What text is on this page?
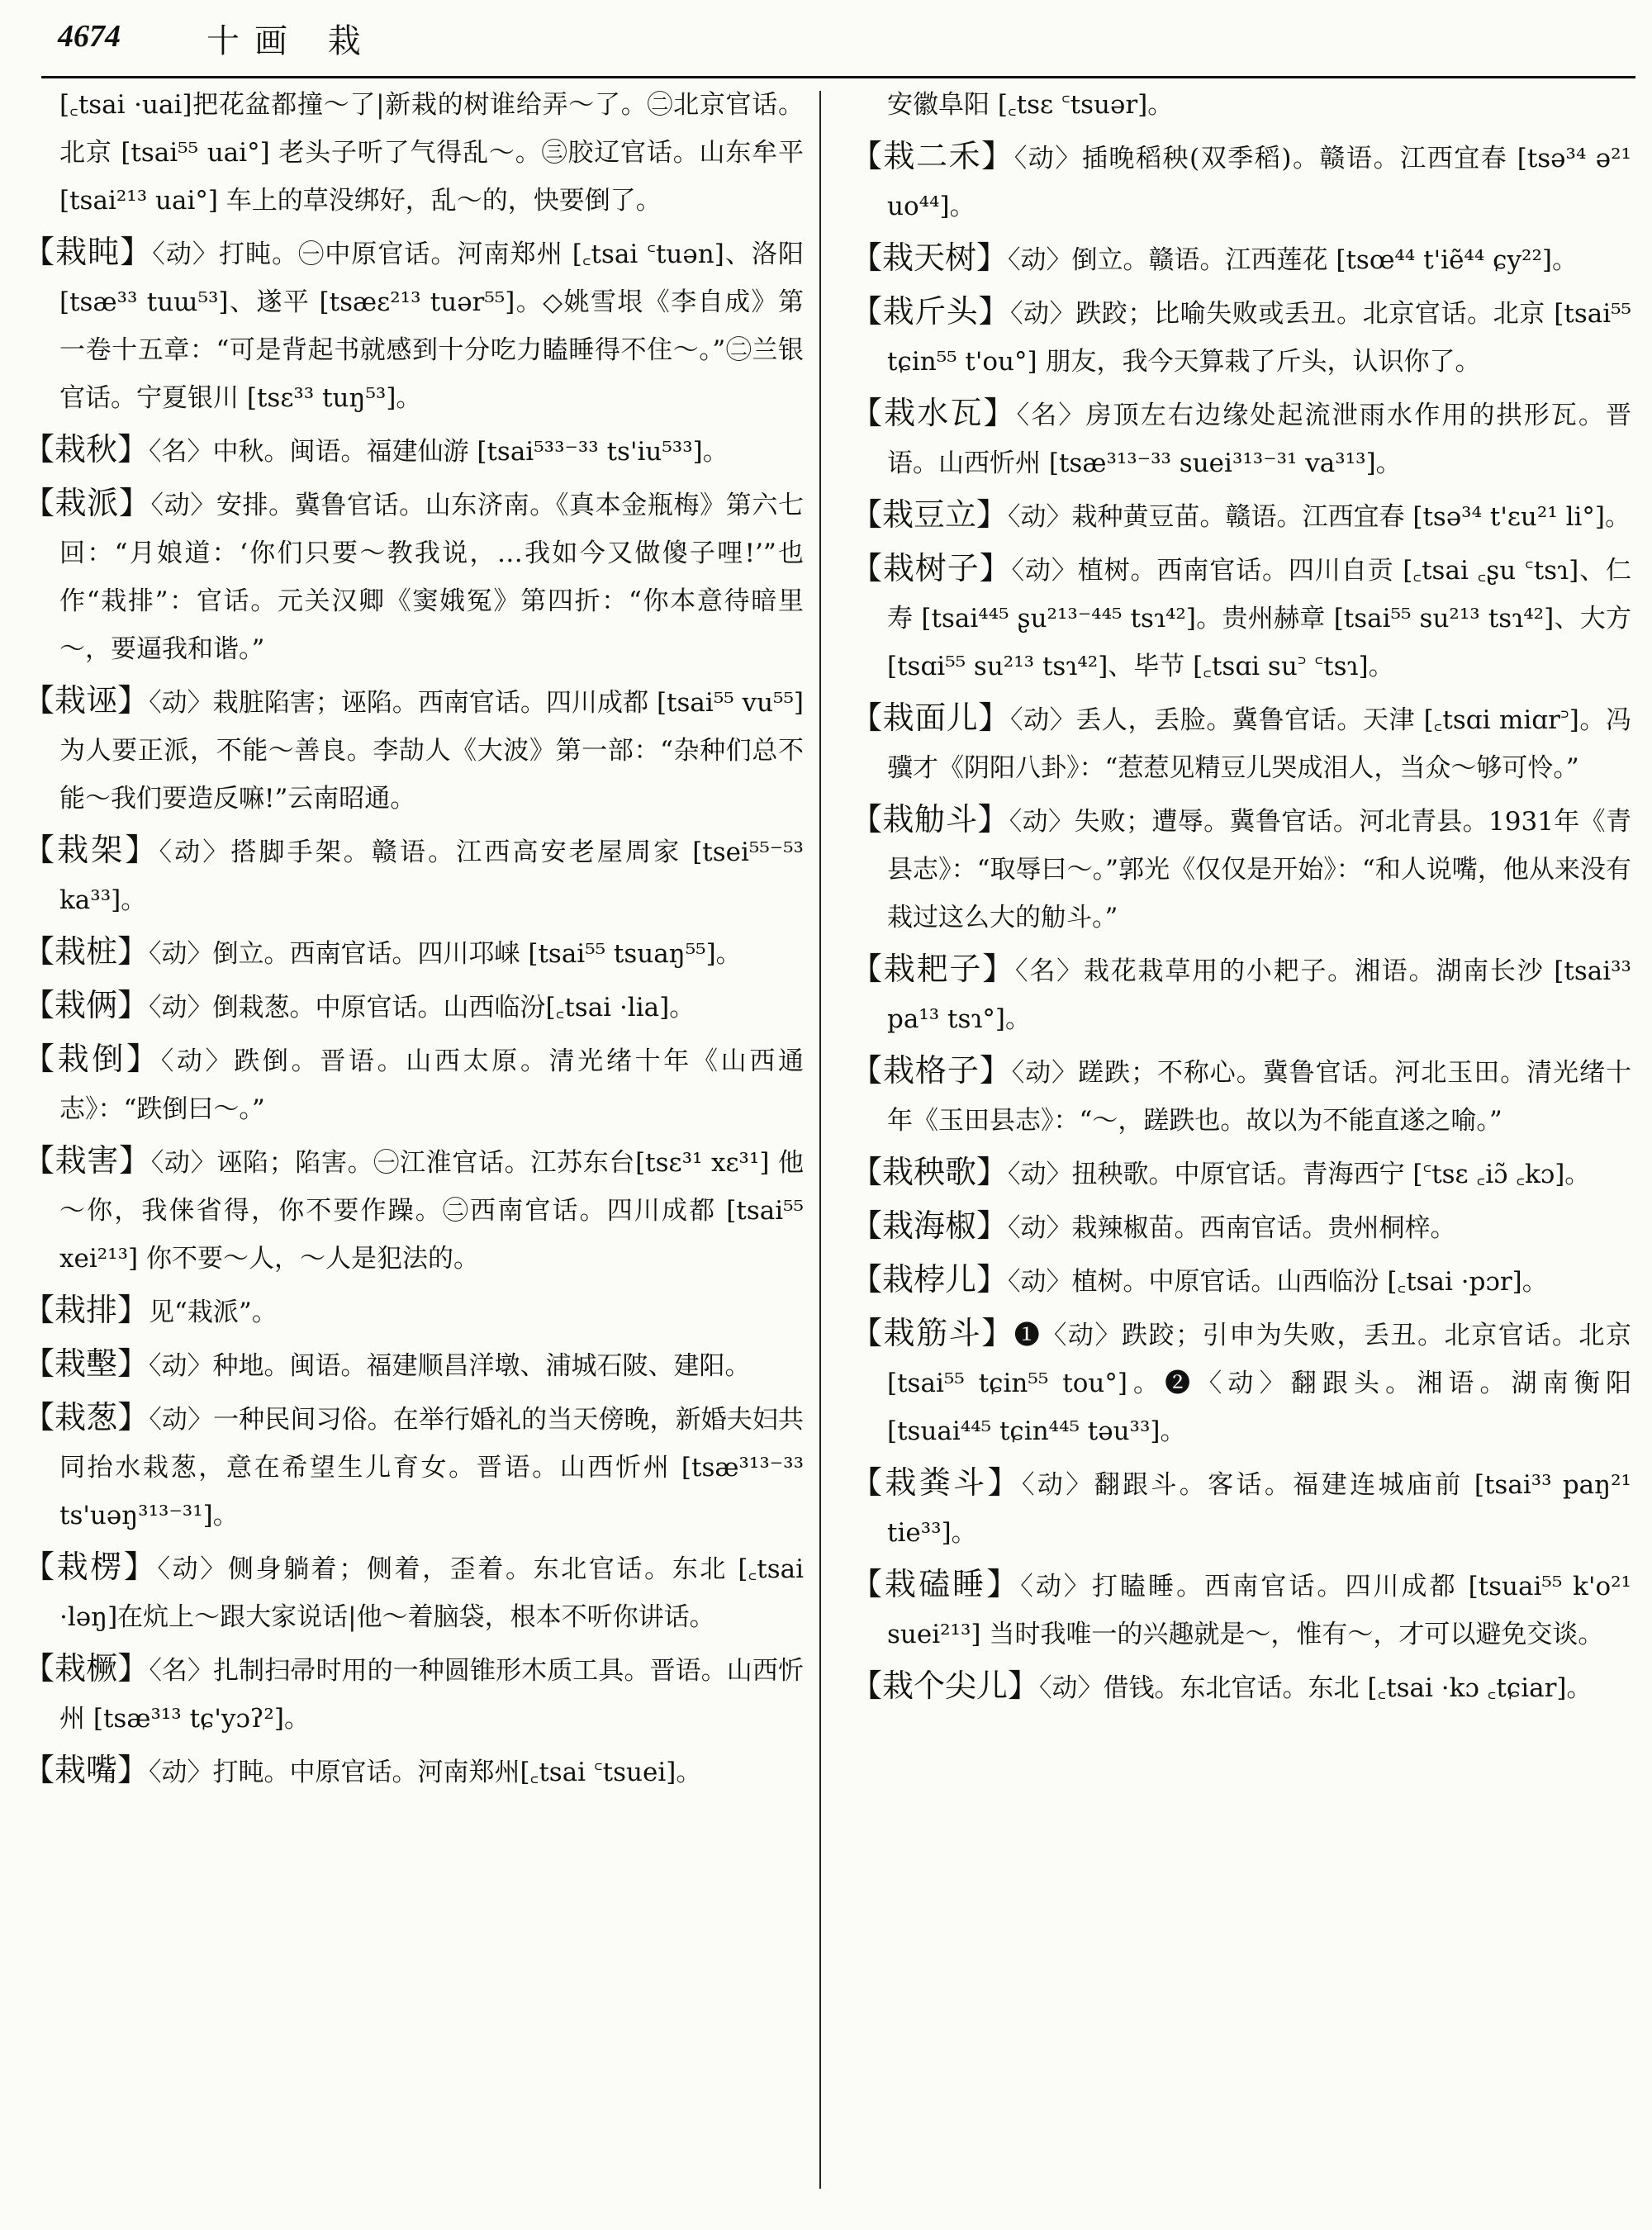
4674	十画 栽

[꜀tsai ·uai]把花盆都撞～了|新栽的树谁给弄～了。㊁北京官话。北京 [tsai⁵⁵ uai°] 老头子听了气得乱～。㊂胶辽官话。山东牟平 [tsai²¹³ uai°] 车上的草没绑好，乱～的，快要倒了。

【栽盹】〈动〉打盹。㊀中原官话。河南郑州 [꜀tsai ꜂tuən]、洛阳 [tsæ³³ tuɯ⁵³]、遂平 [tsæɛ²¹³ tuər⁵⁵]。◇姚雪垠《李自成》第一卷十五章：“可是背起书就感到十分吃力瞌睡得不住～。”㊁兰银官话。宁夏银川 [tsɛ³³ tuŋ⁵³]。

【栽秋】〈名〉中秋。闽语。福建仙游 [tsai⁵³³⁻³³ ts'iu⁵³³]。

【栽派】〈动〉安排。冀鲁官话。山东济南。《真本金瓶梅》第六七回：“月娘道：‘你们只要～教我说，…我如今又做傻子哩!’”也作“栽排”：官话。元关汉卿《窦娥冤》第四折：“你本意待暗里～，要逼我和谐。”

【栽诬】〈动〉栽脏陷害；诬陷。西南官话。四川成都 [tsai⁵⁵ vu⁵⁵] 为人要正派，不能～善良。李劼人《大波》第一部：“杂种们总不能～我们要造反嘛!”云南昭通。

【栽架】〈动〉搭脚手架。赣语。江西高安老屋周家 [tsei⁵⁵⁻⁵³ ka³³]。

【栽桩】〈动〉倒立。西南官话。四川邛崃 [tsai⁵⁵ tsuaŋ⁵⁵]。

【栽俩】〈动〉倒栽葱。中原官话。山西临汾[꜀tsai ·lia]。

【栽倒】〈动〉跌倒。晋语。山西太原。清光绪十年《山西通志》：“跌倒曰～。”

【栽害】〈动〉诬陷；陷害。㊀江淮官话。江苏东台[tsɛ³¹ xɛ³¹] 他～你，我俫省得，你不要作躁。㊁西南官话。四川成都 [tsai⁵⁵ xei²¹³] 你不要～人，～人是犯法的。

【栽排】见“栽派”。

【栽墼】〈动〉种地。闽语。福建顺昌洋墩、浦城石陂、建阳。

【栽葱】〈动〉一种民间习俗。在举行婚礼的当天傍晚，新婚夫妇共同抬水栽葱，意在希望生儿育女。晋语。山西忻州 [tsæ³¹³⁻³³ ts'uəŋ³¹³⁻³¹]。

【栽楞】〈动〉侧身躺着；侧着，歪着。东北官话。东北 [꜀tsai ·ləŋ]在炕上～跟大家说话|他～着脑袋，根本不听你讲话。

【栽橛】〈名〉扎制扫帚时用的一种圆锥形木质工具。晋语。山西忻州 [tsæ³¹³ tɕ'yɔʔ²]。

【栽嘴】〈动〉打盹。中原官话。河南郑州[꜀tsai ꜂tsuei]。

安徽阜阳 [꜀tsɛ ꜂tsuər]。

【栽二禾】〈动〉插晚稻秧(双季稻)。赣语。江西宜春 [tsə³⁴ ə²¹ uo⁴⁴]。

【栽天树】〈动〉倒立。赣语。江西莲花 [tsœ⁴⁴ t'iẽ⁴⁴ ɕy²²]。

【栽斤头】〈动〉跌跤；比喻失败或丢丑。北京官话。北京 [tsai⁵⁵ tɕin⁵⁵ t'ou°] 朋友，我今天算栽了斤头，认识你了。

【栽水瓦】〈名〉房顶左右边缘处起流泄雨水作用的拱形瓦。晋语。山西忻州 [tsæ³¹³⁻³³ suei³¹³⁻³¹ va³¹³]。

【栽豆立】〈动〉栽种黄豆苗。赣语。江西宜春 [tsə³⁴ t'ɛu²¹ li°]。

【栽树子】〈动〉植树。西南官话。四川自贡 [꜀tsai ꜀ʂu ꜂tsɿ]、仁寿 [tsai⁴⁴⁵ ʂu²¹³⁻⁴⁴⁵ tsɿ⁴²]。贵州赫章 [tsai⁵⁵ su²¹³ tsɿ⁴²]、大方 [tsɑi⁵⁵ su²¹³ tsɿ⁴²]、毕节 [꜀tsɑi su꜄ ꜂tsɿ]。

【栽面儿】〈动〉丢人，丢脸。冀鲁官话。天津 [꜀tsɑi miɑr꜄]。冯骥才《阴阳八卦》：“惹惹见精豆儿哭成泪人，当众～够可怜。”

【栽觔斗】〈动〉失败；遭辱。冀鲁官话。河北青县。1931年《青县志》：“取辱曰～。”郭光《仅仅是开始》：“和人说嘴，他从来没有栽过这么大的觔斗。”

【栽耙子】〈名〉栽花栽草用的小耙子。湘语。湖南长沙 [tsai³³ pa¹³ tsɿ°]。

【栽格子】〈动〉蹉跌；不称心。冀鲁官话。河北玉田。清光绪十年《玉田县志》：“～，蹉跌也。故以为不能直遂之喻。”

【栽秧歌】〈动〉扭秧歌。中原官话。青海西宁 [꜂tsɛ ꜀iɔ̃ ꜀kɔ]。

【栽海椒】〈动〉栽辣椒苗。西南官话。贵州桐梓。

【栽桲儿】〈动〉植树。中原官话。山西临汾 [꜀tsai ·pɔr]。

【栽筋斗】❶〈动〉跌跤；引申为失败，丢丑。北京官话。北京 [tsai⁵⁵ tɕin⁵⁵ tou°]。❷〈动〉翻跟头。湘语。湖南衡阳 [tsuai⁴⁴⁵ tɕin⁴⁴⁵ təu³³]。

【栽粪斗】〈动〉翻跟斗。客话。福建连城庙前 [tsai³³ paŋ²¹ tie³³]。

【栽磕睡】〈动〉打瞌睡。西南官话。四川成都 [tsuai⁵⁵ k'o²¹ suei²¹³] 当时我唯一的兴趣就是～，惟有～，才可以避免交谈。

【栽个尖儿】〈动〉借钱。东北官话。东北 [꜀tsai ·kɔ ꜀tɕiar]。
